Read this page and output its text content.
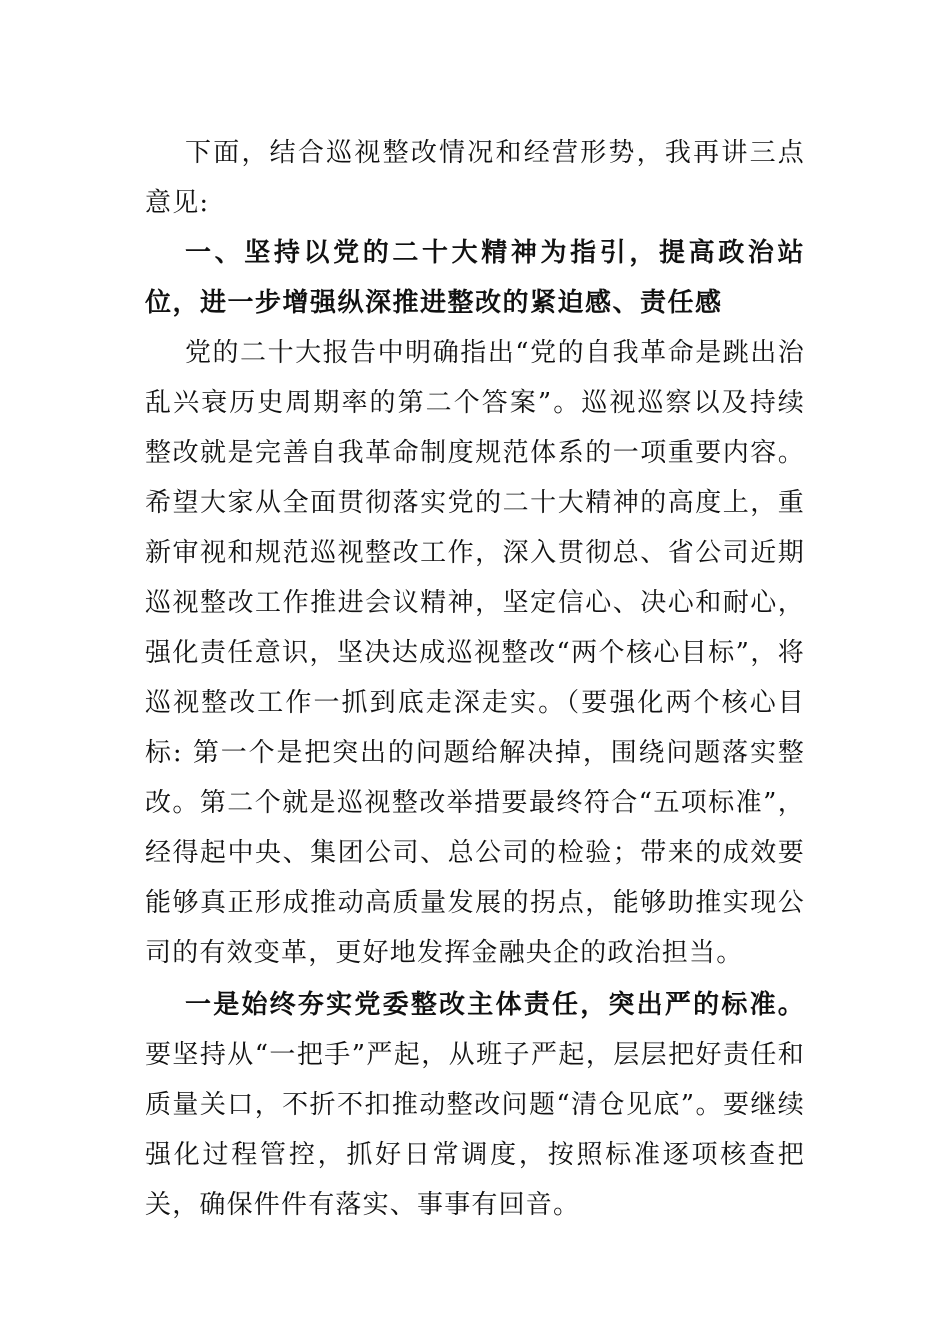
下面，结合巡视整改情况和经营形势，我再讲三点意见:

一、坚持以党的二十大精神为指引，提高政治站位，进一步增强纵深推进整改的紧迫感、责任感

党的二十大报告中明确指出“党的自我革命是跳出治乱兴衰历史周期率的第二个答案”。巡视巡察以及持续整改就是完善自我革命制度规范体系的一项重要内容。希望大家从全面贯彻落实党的二十大精神的高度上，重新审视和规范巡视整改工作，深入贯彻总、省公司近期巡视整改工作推进会议精神，坚定信心、决心和耐心，强化责任意识，坚决达成巡视整改“两个核心目标”，将巡视整改工作一抓到底走深走实。（要强化两个核心目标: 第一个是把突出的问题给解决掉，围绕问题落实整改。第二个就是巡视整改举措要最终符合“五项标准”，经得起中央、集团公司、总公司的检验；带来的成效要能够真正形成推动高质量发展的拐点，能够助推实现公司的有效变革，更好地发挥金融央企的政治担当。

一是始终夯实党委整改主体责任，突出严的标准。要坚持从“一把手”严起，从班子严起，层层把好责任和质量关口，不折不扣推动整改问题“清仓见底”。要继续强化过程管控，抓好日常调度，按照标准逐项核查把关，确保件件有落实、事事有回音。
